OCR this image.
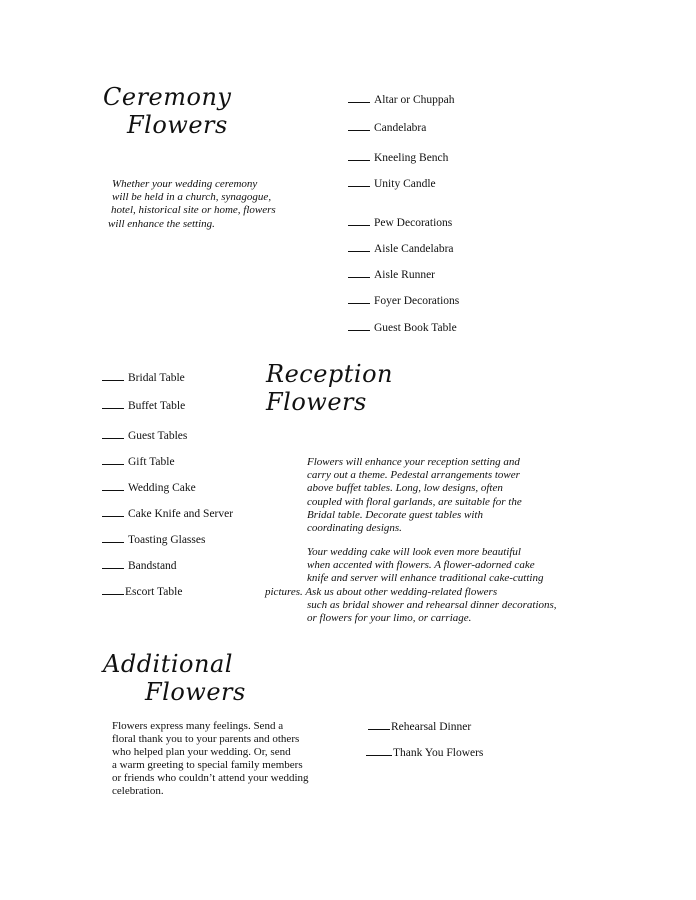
Ceremony
Flowers
Whether your wedding ceremony
will be held in a church, synagogue,
hotel, historical site or home, flowers
will enhance the setting.
Altar or Chuppah
Candelabra
Kneeling Bench
Unity Candle
Pew Decorations
Aisle Candelabra
Aisle Runner
Foyer Decorations
Guest Book Table
Reception
Flowers
Bridal Table
Buffet Table
Guest Tables
Gift Table
Wedding Cake
Cake Knife and Server
Toasting Glasses
Bandstand
Escort Table
Flowers will enhance your reception setting and
carry out a theme. Pedestal arrangements tower
above buffet tables. Long, low designs, often
coupled with floral garlands, are suitable for the
Bridal table. Decorate guest tables with
coordinating designs.
Your wedding cake will look even more beautiful
when accented with flowers. A flower-adorned cake
knife and server will enhance traditional cake-cutting
pictures. Ask us about other wedding-related flowers
such as bridal shower and rehearsal dinner decorations,
or flowers for your limo, or carriage.
Additional
Flowers
Flowers express many feelings. Send a
floral thank you to your parents and others
who helped plan your wedding. Or, send
a warm greeting to special family members
or friends who couldn’t attend your wedding
celebration.
Rehearsal Dinner
Thank You Flowers
